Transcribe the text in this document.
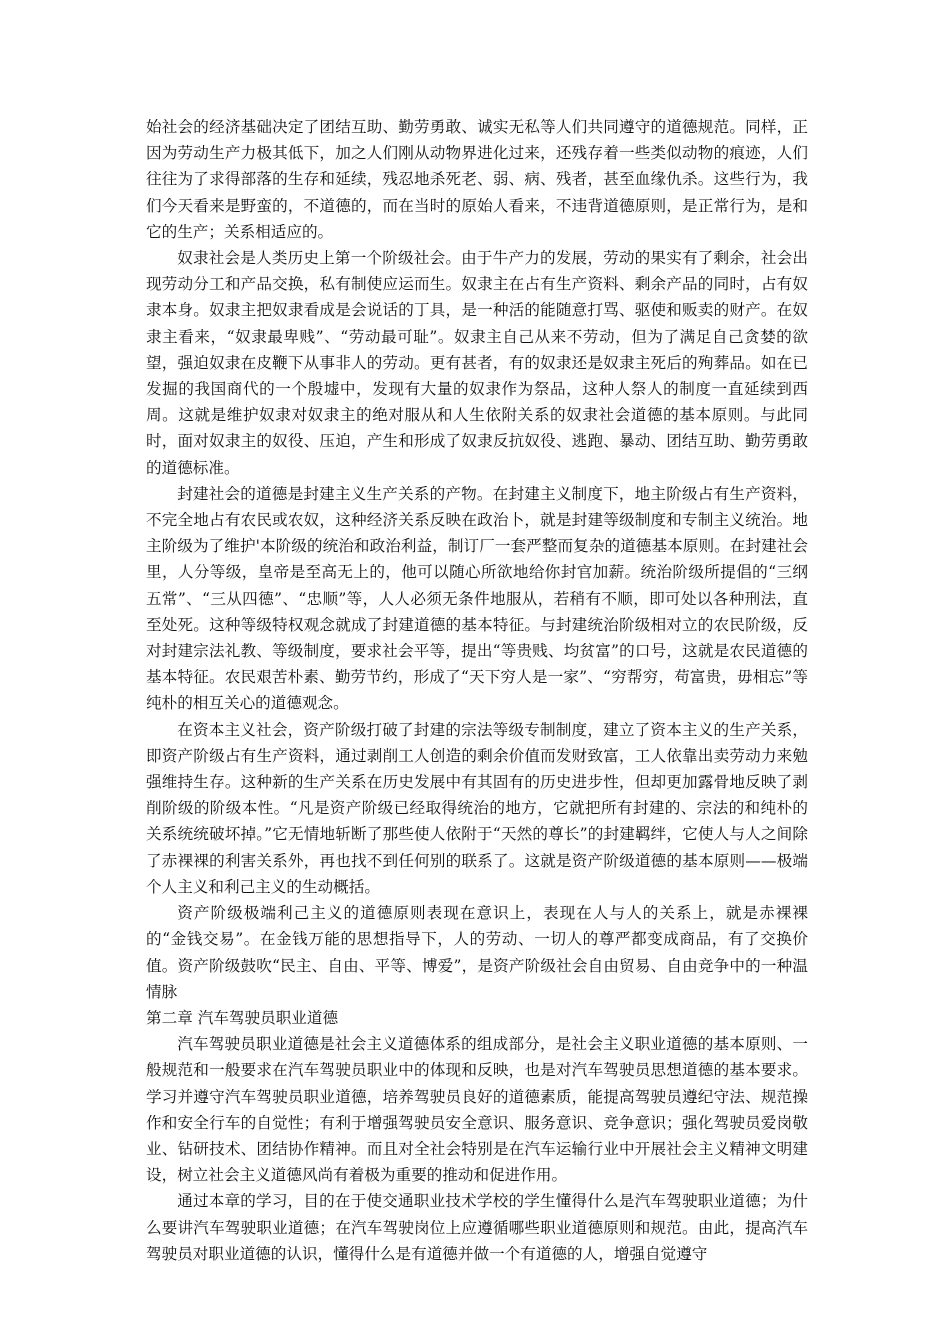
始社会的经济基础决定了团结互助、勤劳勇敢、诚实无私等人们共同遵守的道德规范。同样，正因为劳动生产力极其低下，加之人们刚从动物界进化过来，还残存着一些类似动物的痕迹，人们往往为了求得部落的生存和延续，残忍地杀死老、弱、病、残者，甚至血缘仇杀。这些行为，我们今天看来是野蛮的，不道德的，而在当时的原始人看来，不违背道德原则，是正常行为，是和它的生产；关系相适应的。

奴隶社会是人类历史上第一个阶级社会。由于牛产力的发展，劳动的果实有了剩余，社会出现劳动分工和产品交换，私有制使应运而生。奴隶主在占有生产资料、剩余产品的同时，占有奴隶本身。奴隶主把奴隶看成是会说话的丁具，是一种活的能随意打骂、驱使和贩卖的财产。在奴隶主看来，“奴隶最卑贱”、“劳动最可耻”。奴隶主自己从来不劳动，但为了满足自己贪婪的欲望，强迫奴隶在皮鞭下从事非人的劳动。更有甚者，有的奴隶还是奴隶主死后的殉葬品。如在已发掘的我国商代的一个殷墟中，发现有大量的奴隶作为祭品，这种人祭人的制度一直延续到西周。这就是维护奴隶对奴隶主的绝对服从和人生依附关系的奴隶社会道德的基本原则。与此同时，面对奴隶主的奴役、压迫，产生和形成了奴隶反抗奴役、逃跑、暴动、团结互助、勤劳勇敢的道德标准。

封建社会的道德是封建主义生产关系的产物。在封建主义制度下，地主阶级占有生产资料，不完全地占有农民或农奴，这种经济关系反映在政治卜，就是封建等级制度和专制主义统治。地主阶级为了维护'本阶级的统治和政治利益，制订厂一套严整而复杂的道德基本原则。在封建社会里，人分等级，皇帝是至高无上的，他可以随心所欲地给你封官加薪。统治阶级所提倡的“三纲五常”、“三从四德”、“忠顺”等，人人必须无条件地服从，若稍有不顺，即可处以各种刑法，直至处死。这种等级特权观念就成了封建道德的基本特征。与封建统治阶级相对立的农民阶级，反对封建宗法礼教、等级制度，要求社会平等，提出“等贵贱、均贫富”的口号，这就是农民道德的基本特征。农民艰苦朴素、勤劳节约，形成了“天下穷人是一家”、“穷帮穷，苟富贵，毋相忘”等纯朴的相互关心的道德观念。

在资本主义社会，资产阶级打破了封建的宗法等级专制制度，建立了资本主义的生产关系，即资产阶级占有生产资料，通过剥削工人创造的剩余价值而发财致富，工人依靠出卖劳动力来勉强维持生存。这种新的生产关系在历史发展中有其固有的历史进步性，但却更加露骨地反映了剥削阶级的阶级本性。“凡是资产阶级已经取得统治的地方，它就把所有封建的、宗法的和纯朴的关系统统破坏掉。”它无情地斩断了那些使人依附于“天然的尊长”的封建羁绊，它使人与人之间除了赤裸裸的利害关系外，再也找不到任何别的联系了。这就是资产阶级道德的基本原则——极端个人主义和利己主义的生动概括。

资产阶级极端利己主义的道德原则表现在意识上，表现在人与人的关系上，就是赤裸裸的“金钱交易”。在金钱万能的思想指导下，人的劳动、一切人的尊严都变成商品，有了交换价值。资产阶级鼓吹“民主、自由、平等、博爱”，是资产阶级社会自由贸易、自由竞争中的一种温情脉

第二章 汽车驾驶员职业道德

汽车驾驶员职业道德是社会主义道德体系的组成部分，是社会主义职业道德的基本原则、一般规范和一般要求在汽车驾驶员职业中的体现和反映，也是对汽车驾驶员思想道德的基本要求。学习并遵守汽车驾驶员职业道德，培养驾驶员良好的道德素质，能提高驾驶员遵纪守法、规范操作和安全行车的自觉性；有利于增强驾驶员安全意识、服务意识、竞争意识；强化驾驶员爱岗敬业、钻研技术、团结协作精神。而且对全社会特别是在汽车运输行业中开展社会主义精神文明建设，树立社会主义道德风尚有着极为重要的推动和促进作用。

通过本章的学习，目的在于使交通职业技术学校的学生懂得什么是汽车驾驶职业道德；为什么要讲汽车驾驶职业道德；在汽车驾驶岗位上应遵循哪些职业道德原则和规范。由此，提高汽车驾驶员对职业道德的认识，懂得什么是有道德并做一个有道德的人，增强自觉遵守
